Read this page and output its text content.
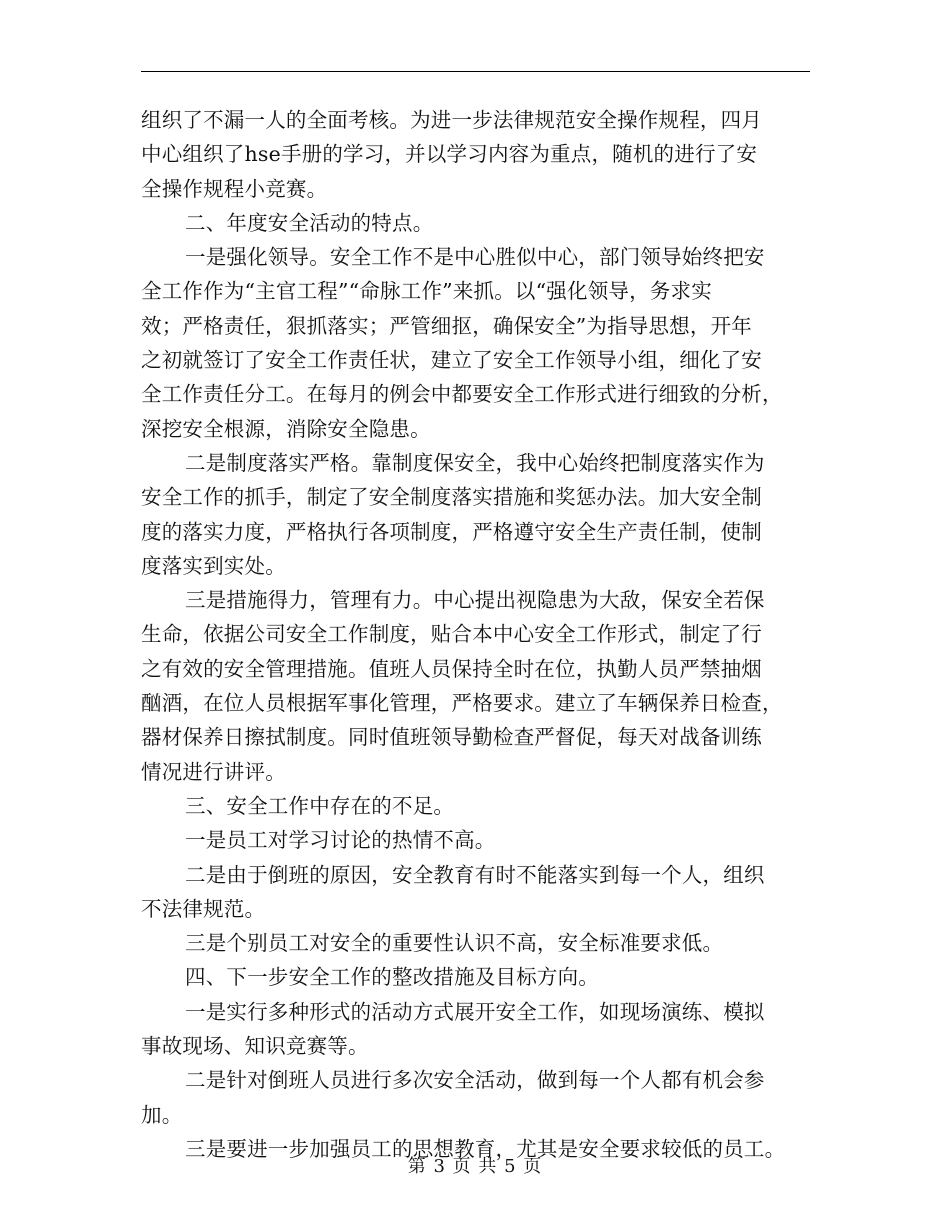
组织了不漏一人的全面考核。为进一步法律规范安全操作规程，四月
中心组织了hse手册的学习，并以学习内容为重点，随机的进行了安
全操作规程小竞赛。
二、年度安全活动的特点。
一是强化领导。安全工作不是中心胜似中心，部门领导始终把安
全工作作为“主官工程”“命脉工作”来抓。以“强化领导，务求实
效；严格责任，狠抓落实；严管细抠，确保安全”为指导思想，开年
之初就签订了安全工作责任状，建立了安全工作领导小组，细化了安
全工作责任分工。在每月的例会中都要安全工作形式进行细致的分析，
深挖安全根源，消除安全隐患。
二是制度落实严格。靠制度保安全，我中心始终把制度落实作为
安全工作的抓手，制定了安全制度落实措施和奖惩办法。加大安全制
度的落实力度，严格执行各项制度，严格遵守安全生产责任制，使制
度落实到实处。
三是措施得力，管理有力。中心提出视隐患为大敌，保安全若保
生命，依据公司安全工作制度，贴合本中心安全工作形式，制定了行
之有效的安全管理措施。值班人员保持全时在位，执勤人员严禁抽烟
酗酒，在位人员根据军事化管理，严格要求。建立了车辆保养日检查，
器材保养日擦拭制度。同时值班领导勤检查严督促，每天对战备训练
情况进行讲评。
三、安全工作中存在的不足。
一是员工对学习讨论的热情不高。
二是由于倒班的原因，安全教育有时不能落实到每一个人，组织
不法律规范。
三是个别员工对安全的重要性认识不高，安全标准要求低。
四、下一步安全工作的整改措施及目标方向。
一是实行多种形式的活动方式展开安全工作，如现场演练、模拟
事故现场、知识竞赛等。
二是针对倒班人员进行多次安全活动，做到每一个人都有机会参
加。
三是要进一步加强员工的思想教育，尤其是安全要求较低的员工。
第 3 页 共 5 页
